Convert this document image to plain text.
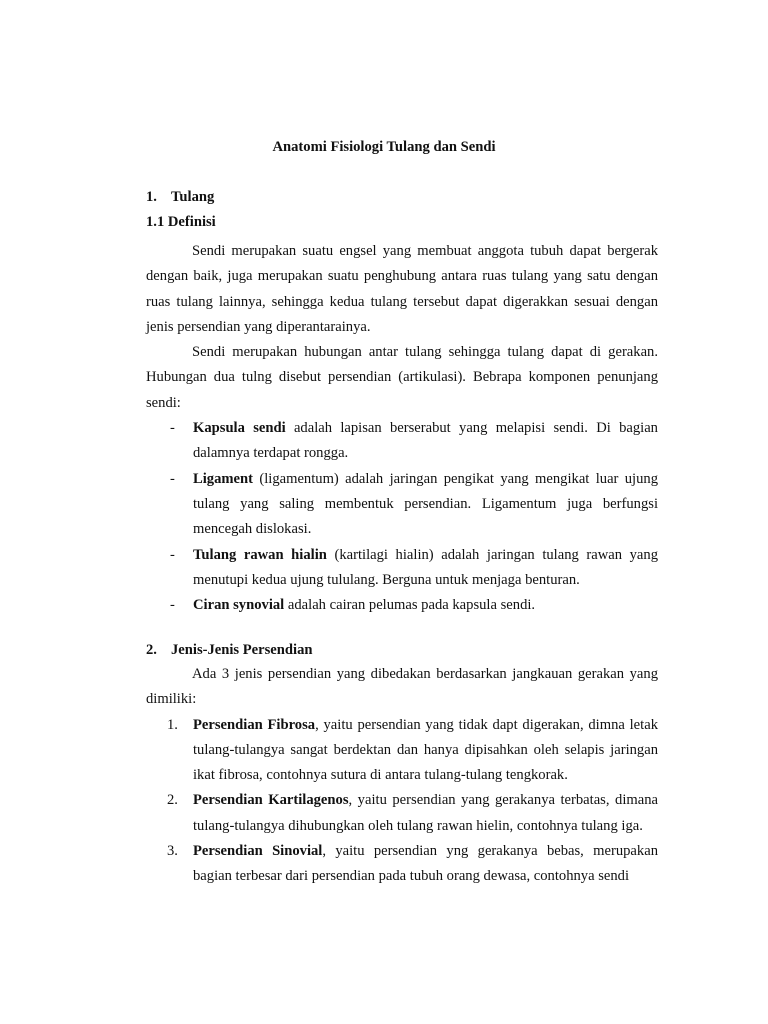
Anatomi Fisiologi Tulang dan Sendi
1. Tulang
1.1 Definisi
Sendi merupakan suatu engsel yang membuat anggota tubuh dapat bergerak dengan baik, juga merupakan suatu penghubung antara ruas tulang yang satu dengan ruas tulang lainnya, sehingga kedua tulang tersebut dapat digerakkan sesuai dengan jenis persendian yang diperantarainya.
Sendi merupakan hubungan antar tulang sehingga tulang dapat di gerakan. Hubungan dua tulng disebut persendian (artikulasi). Bebrapa komponen penunjang sendi:
- Kapsula sendi adalah lapisan berserabut yang melapisi sendi. Di bagian dalamnya terdapat rongga.
- Ligament (ligamentum) adalah jaringan pengikat yang mengikat luar ujung tulang yang saling membentuk persendian. Ligamentum juga berfungsi mencegah dislokasi.
- Tulang rawan hialin (kartilagi hialin) adalah jaringan tulang rawan yang menutupi kedua ujung tululang. Berguna untuk menjaga benturan.
- Ciran synovial adalah cairan pelumas pada kapsula sendi.
2. Jenis-Jenis Persendian
Ada 3 jenis persendian yang dibedakan berdasarkan jangkauan gerakan yang dimiliki:
1. Persendian Fibrosa, yaitu persendian yang tidak dapt digerakan, dimna letak tulang-tulangya sangat berdektan dan hanya dipisahkan oleh selapis jaringan ikat fibrosa, contohnya sutura di antara tulang-tulang tengkorak.
2. Persendian Kartilagenos, yaitu persendian yang gerakanya terbatas, dimana tulang-tulangya dihubungkan oleh tulang rawan hielin, contohnya tulang iga.
3. Persendian Sinovial, yaitu persendian yng gerakanya bebas, merupakan bagian terbesar dari persendian pada tubuh orang dewasa, contohnya sendi
